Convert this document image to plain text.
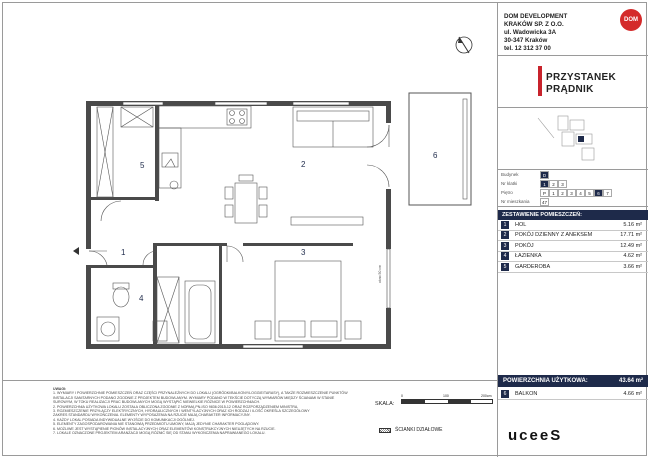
1
2
3
4
5
6
okno 50 cm
UWAGI:
1. WYMIARY I POWIERZCHNIE POMIESZCZEŃ ORAZ CZĘŚCI PRZYNALEŻNYCH DO LOKALU (OGRÓDKI/BALKONY/LOGGIE/TARASY), A TAKŻE ROZMIESZCZENIE PUNKTÓW
INSTALACJI SANITARNYCH PODANO ZGODNIE Z PROJEKTEM BUDOWLANYM. WYMIARY PODANO W TEKŚCIE DOTYCZĄ WYMIARÓW MIĘDZY ŚCIANAMI W STANIE
SUROWYM, W TOKU REALIZACJI PRAC BUDOWLANYCH MOGĄ WYSTĄPIĆ NIEWIELKIE RÓŻNICE W POWIERZCHNIACH.
2. POWIERZCHNIA UŻYTKOWA LOKALU ZOSTAŁA OBLICZONA ZGODNIE Z NORMĄ PN-ISO 9836:2015-12 ORAZ ROZPORZĄDZENIEM MINISTRA.
3. ROZMIESZCZENIE PRZYŁĄCZY ELEKTRYCZNYCH, HYDRAULICZNYCH I WENTYLACYJNYCH ORAZ ICH RODZAJ I ILOŚĆ OKREŚLA SZCZEGÓŁOWY
ZAKRES STANDARDU WYKOŃCZENIA. ELEMENTY WYPOSAŻENIA NA RZUCIE MAJĄ CHARAKTER INFORMACYJNY.
4. KAŻDY LOKAL POSIADA INDYWIDUALNE WYJŚCIE DO KOMUNIKACJI OGÓLNEJ.
5. ELEMENTY ZAGOSPODAROWANIA NIE STANOWIĄ PRZEDMIOTU UMOWY, MAJĄ JEDYNIE CHARAKTER POGLĄDOWY.
6. MOŻLIWE JEST WYSTĄPIENIE PIONÓW INSTALACYJNYCH ORAZ ELEMENTÓW KONSTRUKCYJNYCH NIEUJĘTYCH NA RZUCIE.
7. LOKALE OZNACZONE PROJEKTEM ARANŻACJI MOGĄ RÓŻNIĆ SIĘ OD STANU WYKOŃCZENIA NAPRAWIANEGO LOKALU.
SKALA:
0	100	200cm
ŚCIANKI DZIAŁOWE
DOM DEVELOPMENT
KRAKÓW SP. Z O.O.
ul. Wadowicka 3A
30-347 Kraków
tel. 12 312 37 00
DOM
PRZYSTANEK
PRĄDNIK
Budynek	D
Nr klatki	1	2	3
Piętro	P	1	2	3	4	5	6	7
Nr mieszkania	47
ZESTAWIENIE POMIESZCZEŃ:
1	HOL	5.16 m²
2	POKÓJ DZIENNY Z ANEKSEM	17.71 m²
3	POKÓJ	12.49 m²
4	ŁAZIENKA	4.62 m²
5	GARDEROBA	3.66 m²
POWIERZCHNIA UŻYTKOWA:	43.64 m²
6	BALKON	4.66 m²
uceeS
